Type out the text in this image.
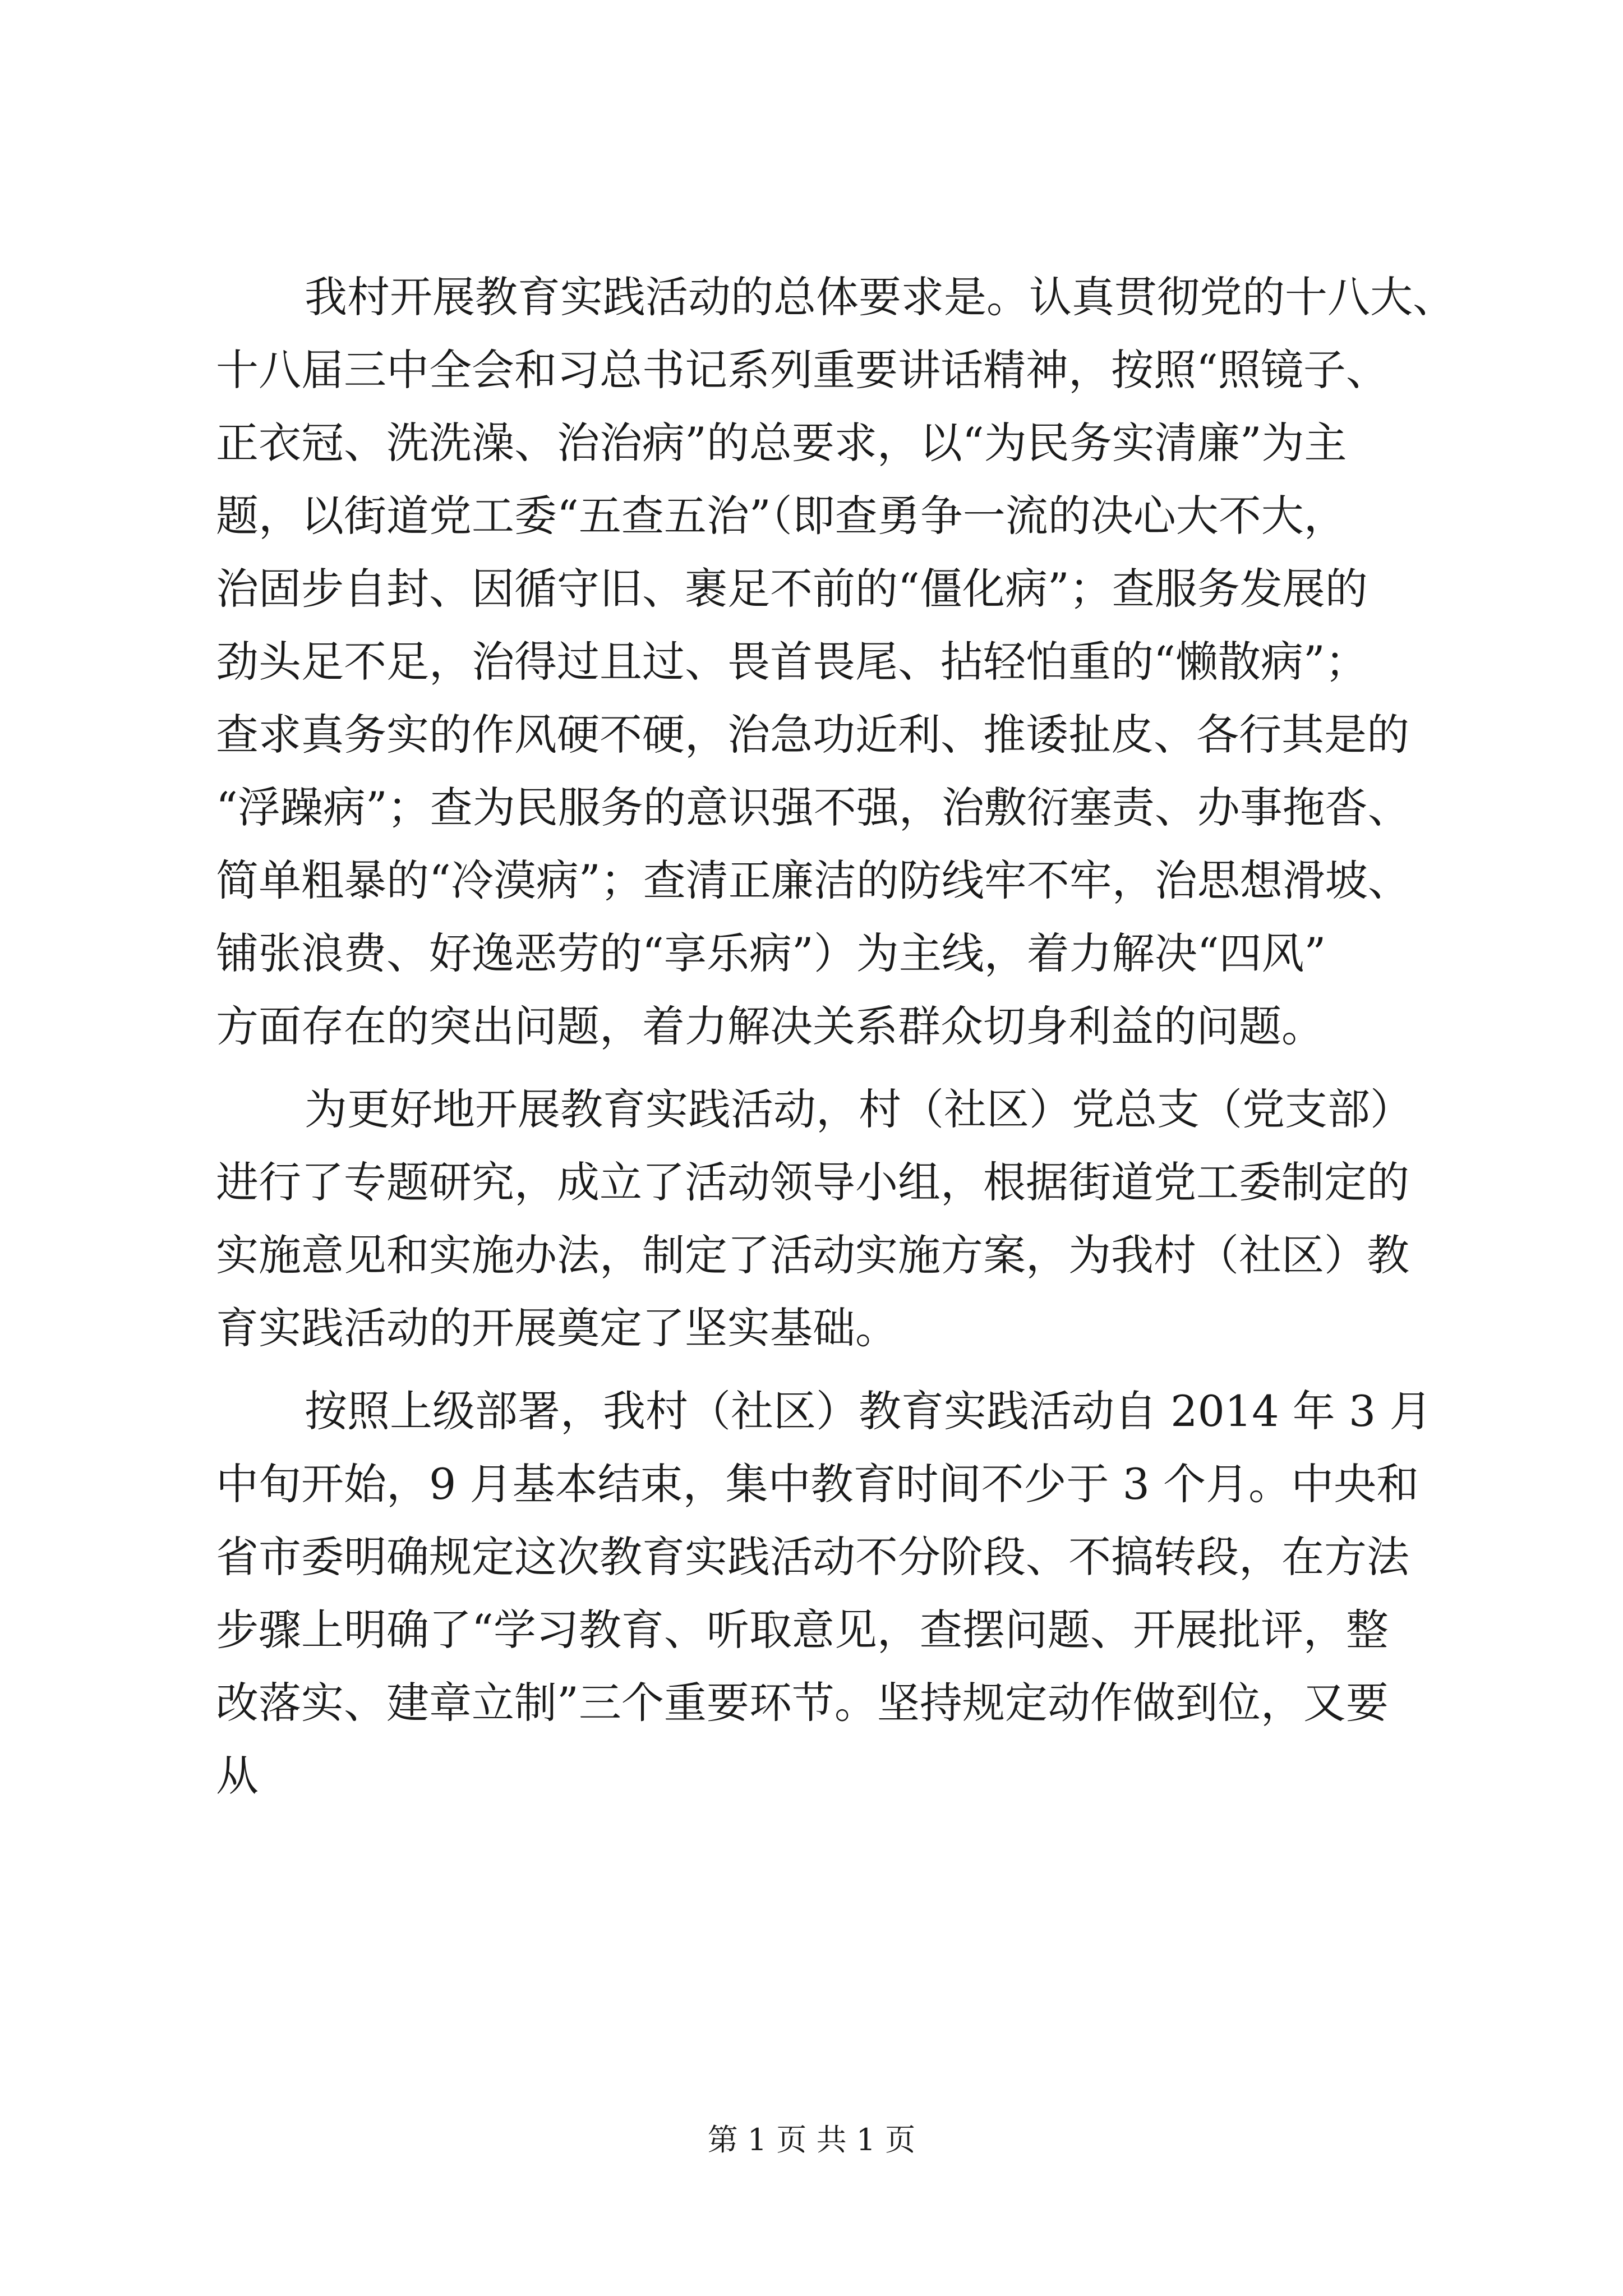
我村开展教育实践活动的总体要求是。认真贯彻党的十八大、
十八届三中全会和习总书记系列重要讲话精神，按照“照镜子、
正衣冠、洗洗澡、治治病”的总要求，以“为民务实清廉”为主
题，以街道党工委“五查五治”（即查勇争一流的决心大不大，
治固步自封、因循守旧、裹足不前的“僵化病”；查服务发展的
劲头足不足，治得过且过、畏首畏尾、拈轻怕重的“懒散病”；
查求真务实的作风硬不硬，治急功近利、推诿扯皮、各行其是的
“浮躁病”；查为民服务的意识强不强，治敷衍塞责、办事拖沓、
简单粗暴的“冷漠病”；查清正廉洁的防线牢不牢，治思想滑坡、
铺张浪费、好逸恶劳的“享乐病”）为主线，着力解决“四风”
方面存在的突出问题，着力解决关系群众切身利益的问题。
为更好地开展教育实践活动，村（社区）党总支（党支部）
进行了专题研究，成立了活动领导小组，根据街道党工委制定的
实施意见和实施办法，制定了活动实施方案，为我村（社区）教
育实践活动的开展奠定了坚实基础。
按照上级部署，我村（社区）教育实践活动自 2014 年 3 月
中旬开始，9 月基本结束，集中教育时间不少于 3 个月。中央和
省市委明确规定这次教育实践活动不分阶段、不搞转段，在方法
步骤上明确了“学习教育、听取意见，查摆问题、开展批评，整
改落实、建章立制”三个重要环节。坚持规定动作做到位，又要
从
第 1 页 共 1 页
